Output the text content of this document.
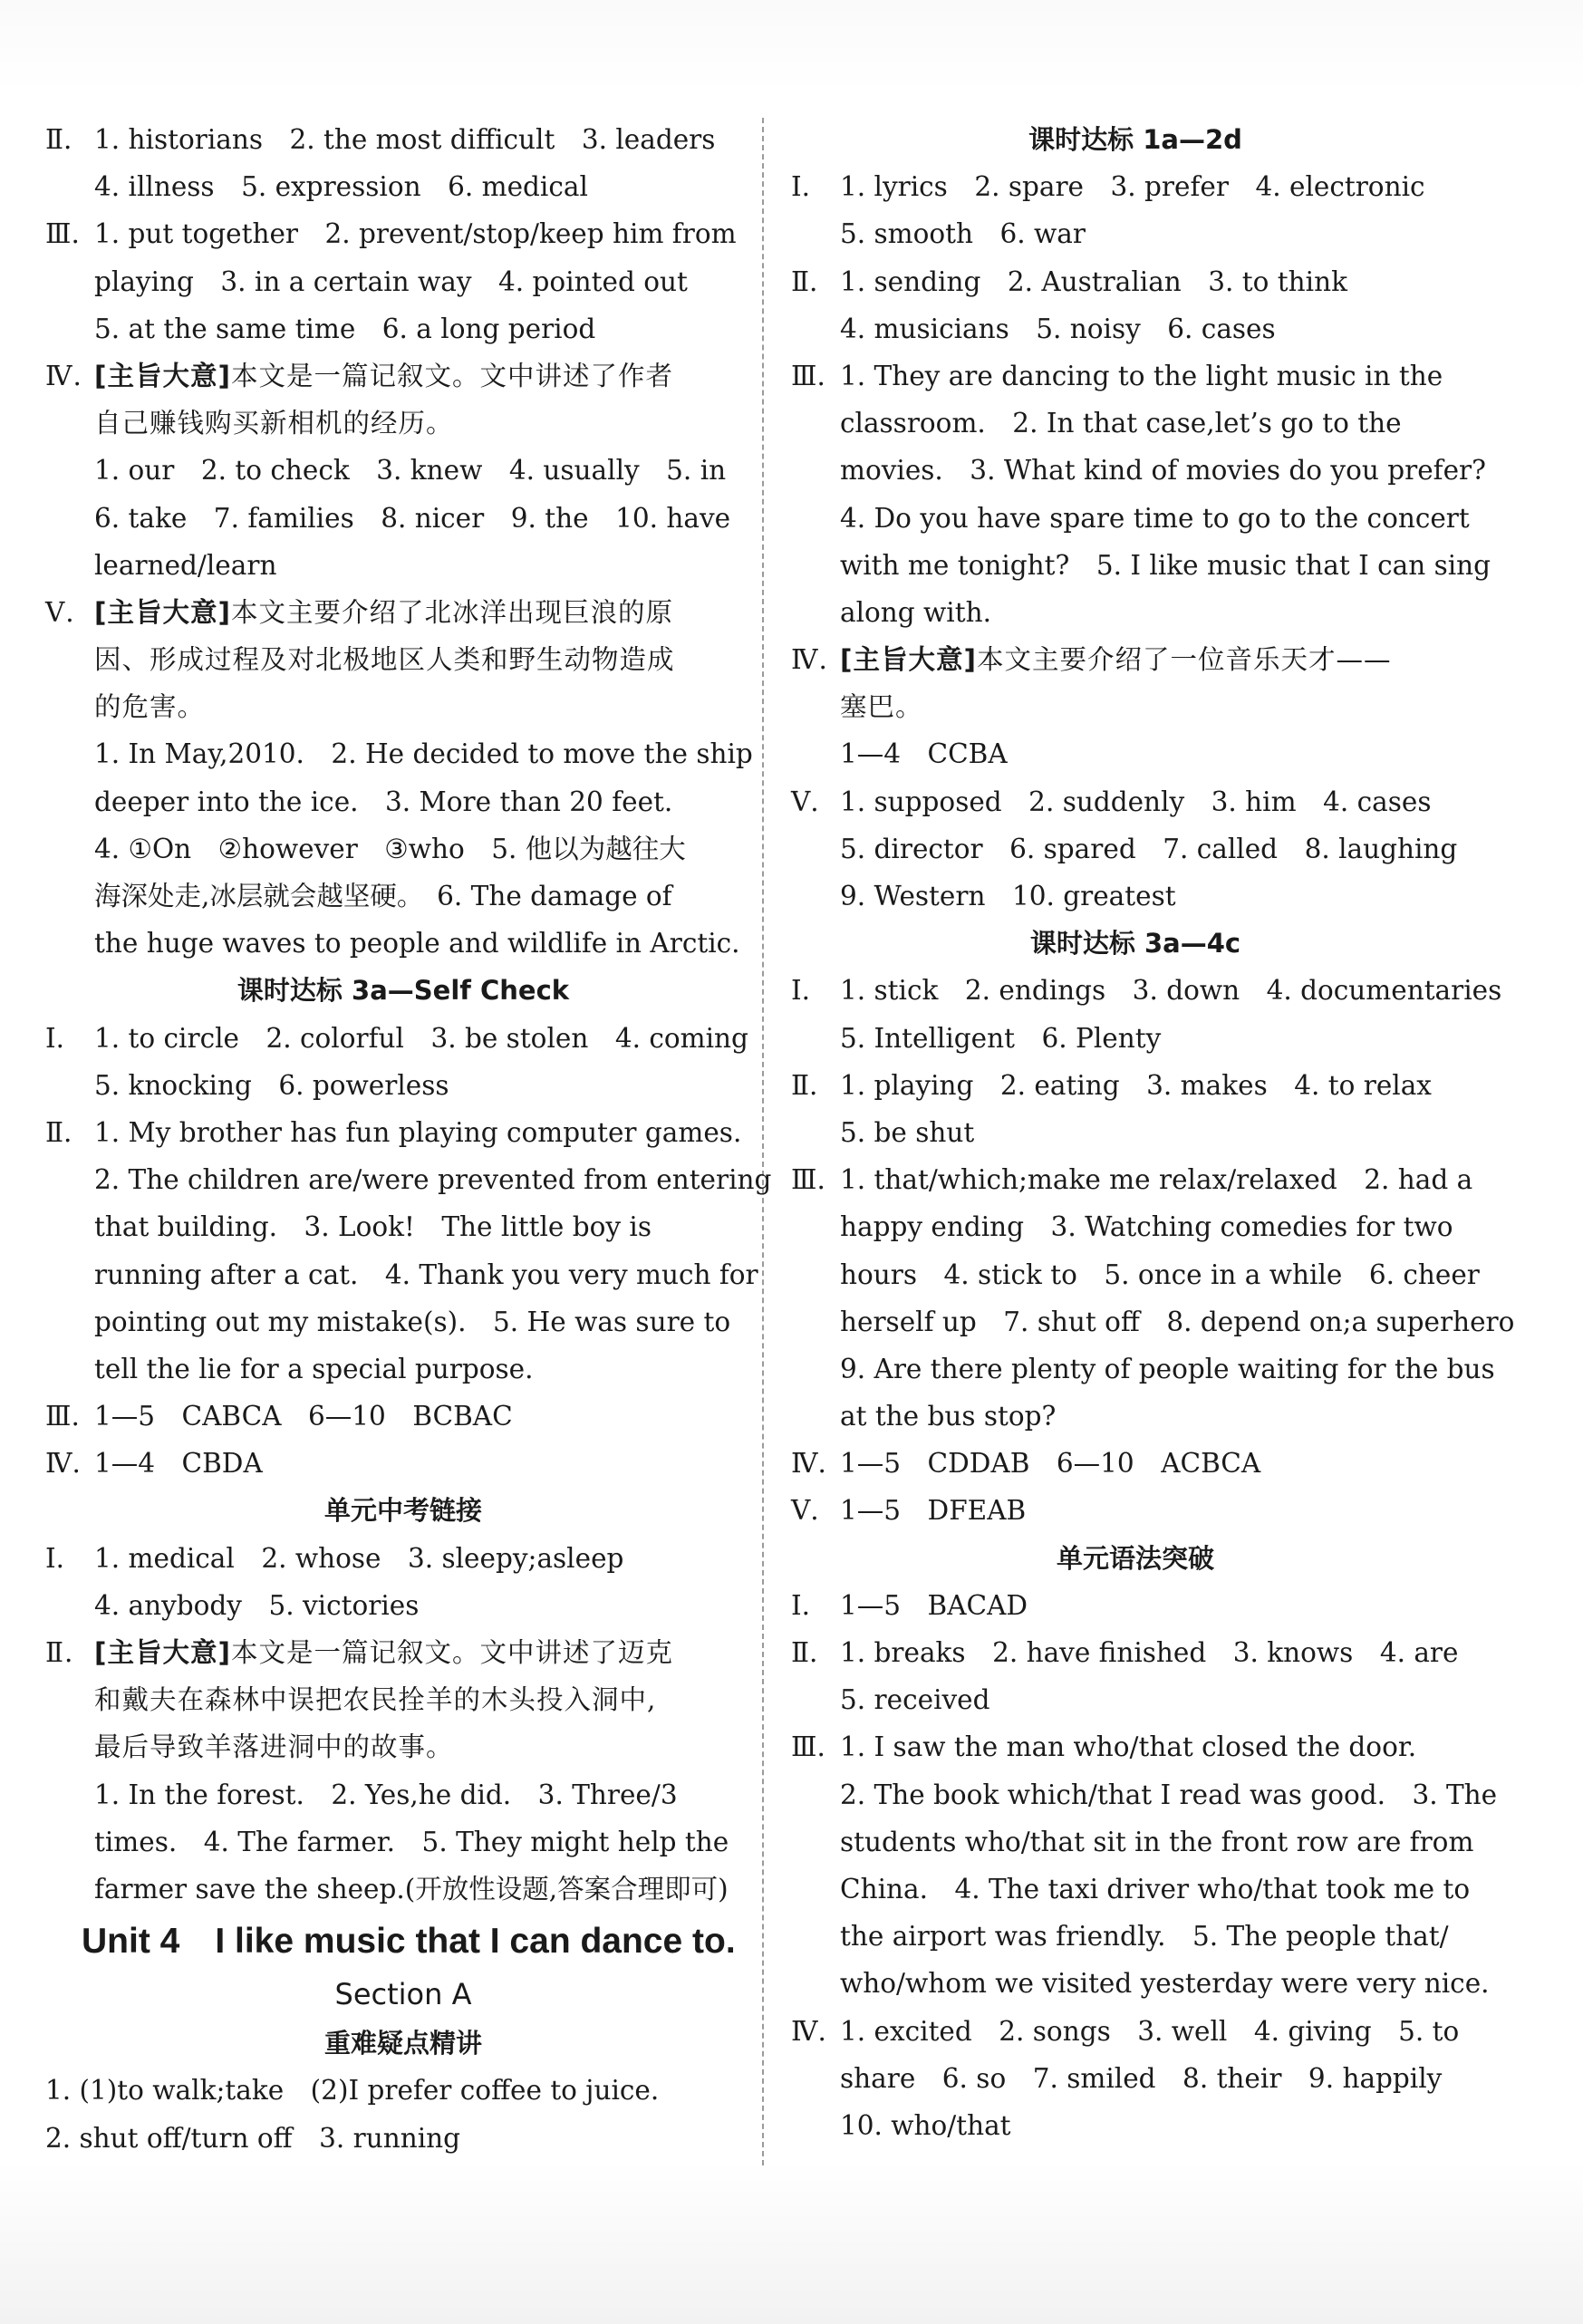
Ⅱ. 1. historians　2. the most difficult　3. leaders
4. illness　5. expression　6. medical
Ⅲ. 1. put together　2. prevent/stop/keep him from
playing　3. in a certain way　4. pointed out
5. at the same time　6. a long period
Ⅳ. [主旨大意]本文是一篇记叙文。文中讲述了作者
自己赚钱购买新相机的经历。
1. our　2. to check　3. knew　4. usually　5. in
6. take　7. families　8. nicer　9. the　10. have
learned/learn
Ⅴ. [主旨大意]本文主要介绍了北冰洋出现巨浪的原
因、形成过程及对北极地区人类和野生动物造成
的危害。
1. In May,2010.　2. He decided to move the ship
deeper into the ice.　3. More than 20 feet.
4. ①On　②however　③who　5. 他以为越往大
海深处走,冰层就会越坚硬。　6. The damage of
the huge waves to people and wildlife in Arctic.
课时达标 3a—Self Check
Ⅰ.	1. to circle　2. colorful　3. be stolen　4. coming
5. knocking　6. powerless
Ⅱ. 1. My brother has fun playing computer games.
2. The children are/were prevented from entering
that building.　3. Look!　The little boy is
running after a cat.　4. Thank you very much for
pointing out my mistake(s).　5. He was sure to
tell the lie for a special purpose.
Ⅲ. 1—5　CABCA　6—10　BCBAC
Ⅳ. 1—4　CBDA
单元中考链接
Ⅰ.	1. medical　2. whose　3. sleepy;asleep
4. anybody　5. victories
Ⅱ. [主旨大意]本文是一篇记叙文。文中讲述了迈克
和戴夫在森林中误把农民拴羊的木头投入洞中,
最后导致羊落进洞中的故事。
1. In the forest.　2. Yes,he did.　3. Three/3
times.　4. The farmer.　5. They might help the
farmer save the sheep.(开放性设题,答案合理即可)
Unit 4　I like music that I can dance to.
Section A
重难疑点精讲
1. (1)to walk;take　(2)I prefer coffee to juice.
2. shut off/turn off　3. running
课时达标 1a—2d
Ⅰ.	1. lyrics　2. spare　3. prefer　4. electronic
5. smooth　6. war
Ⅱ. 1. sending　2. Australian　3. to think
4. musicians　5. noisy　6. cases
Ⅲ. 1. They are dancing to the light music in the
classroom.　2. In that case,let’s go to the
movies.　3. What kind of movies do you prefer?
4. Do you have spare time to go to the concert
with me tonight?　5. I like music that I can sing
along with.
Ⅳ. [主旨大意]本文主要介绍了一位音乐天才——
塞巴。
1—4　CCBA
Ⅴ. 1. supposed　2. suddenly　3. him　4. cases
5. director　6. spared　7. called　8. laughing
9. Western　10. greatest
课时达标 3a—4c
Ⅰ.	1. stick　2. endings　3. down　4. documentaries
5. Intelligent　6. Plenty
Ⅱ. 1. playing　2. eating　3. makes　4. to relax
5. be shut
Ⅲ. 1. that/which;make me relax/relaxed　2. had a
happy ending　3. Watching comedies for two
hours　4. stick to　5. once in a while　6. cheer
herself up　7. shut off　8. depend on;a superhero
9. Are there plenty of people waiting for the bus
at the bus stop?
Ⅳ. 1—5　CDDAB　6—10　ACBCA
Ⅴ. 1—5　DFEAB
单元语法突破
Ⅰ.	1—5　BACAD
Ⅱ. 1. breaks　2. have finished　3. knows　4. are
5. received
Ⅲ. 1. I saw the man who/that closed the door.
2. The book which/that I read was good.　3. The
students who/that sit in the front row are from
China.　4. The taxi driver who/that took me to
the airport was friendly.　5. The people that/
who/whom we visited yesterday were very nice.
Ⅳ. 1. excited　2. songs　3. well　4. giving　5. to
share　6. so　7. smiled　8. their　9. happily
10. who/that
